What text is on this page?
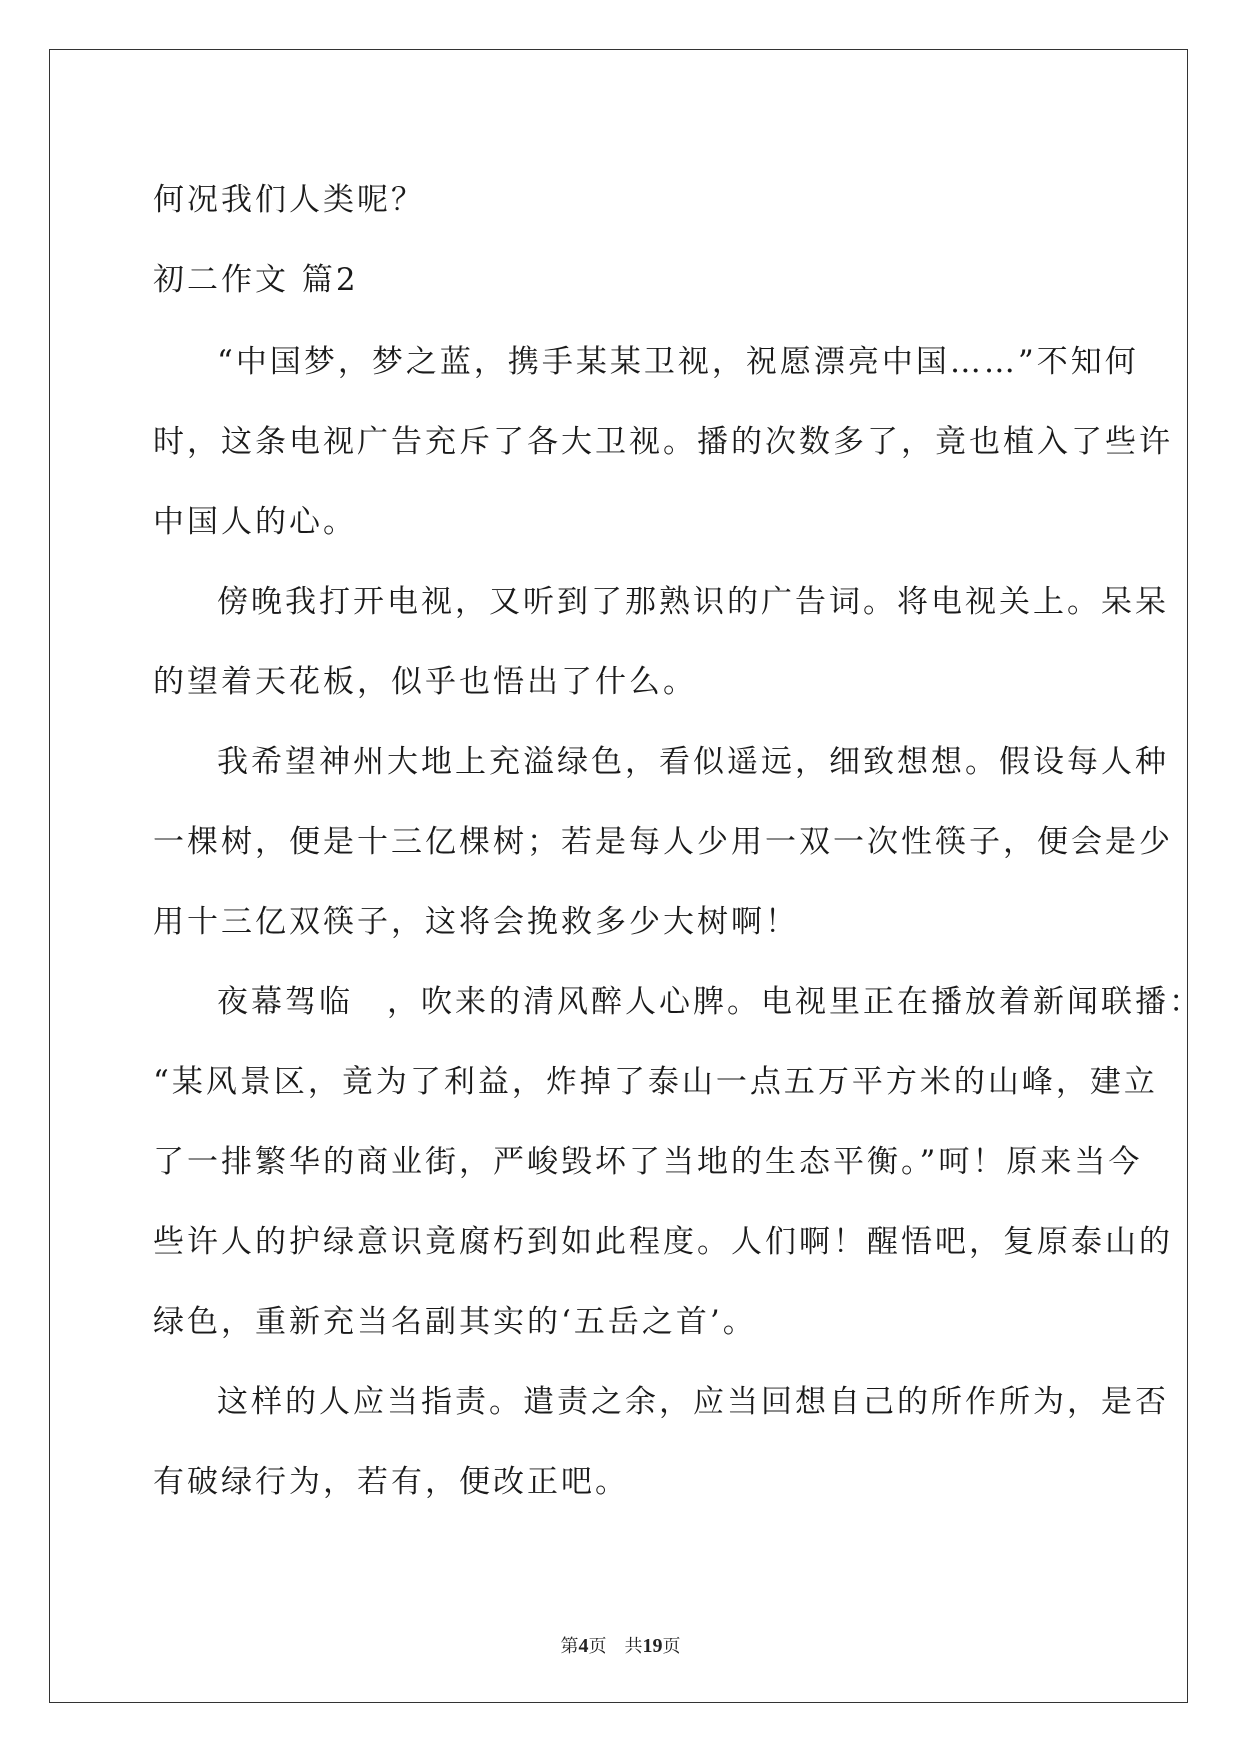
何况我们人类呢？

初二作文 篇2

“中国梦，梦之蓝，携手某某卫视，祝愿漂亮中国……”不知何

时，这条电视广告充斥了各大卫视。播的次数多了，竟也植入了些许

中国人的心。

傍晚我打开电视，又听到了那熟识的广告词。将电视关上。呆呆

的望着天花板，似乎也悟出了什么。

我希望神州大地上充溢绿色，看似遥远，细致想想。假设每人种

一棵树，便是十三亿棵树；若是每人少用一双一次性筷子，便会是少

用十三亿双筷子，这将会挽救多少大树啊！

夜幕驾临　，吹来的清风醉人心脾。电视里正在播放着新闻联播：

“某风景区，竟为了利益，炸掉了泰山一点五万平方米的山峰，建立

了一排繁华的商业街，严峻毁坏了当地的生态平衡。”呵！原来当今

些许人的护绿意识竟腐朽到如此程度。人们啊！醒悟吧，复原泰山的

绿色，重新充当名副其实的‘五岳之首’。

这样的人应当指责。遣责之余，应当回想自己的所作所为，是否

有破绿行为，若有，便改正吧。

第4页　共19页
